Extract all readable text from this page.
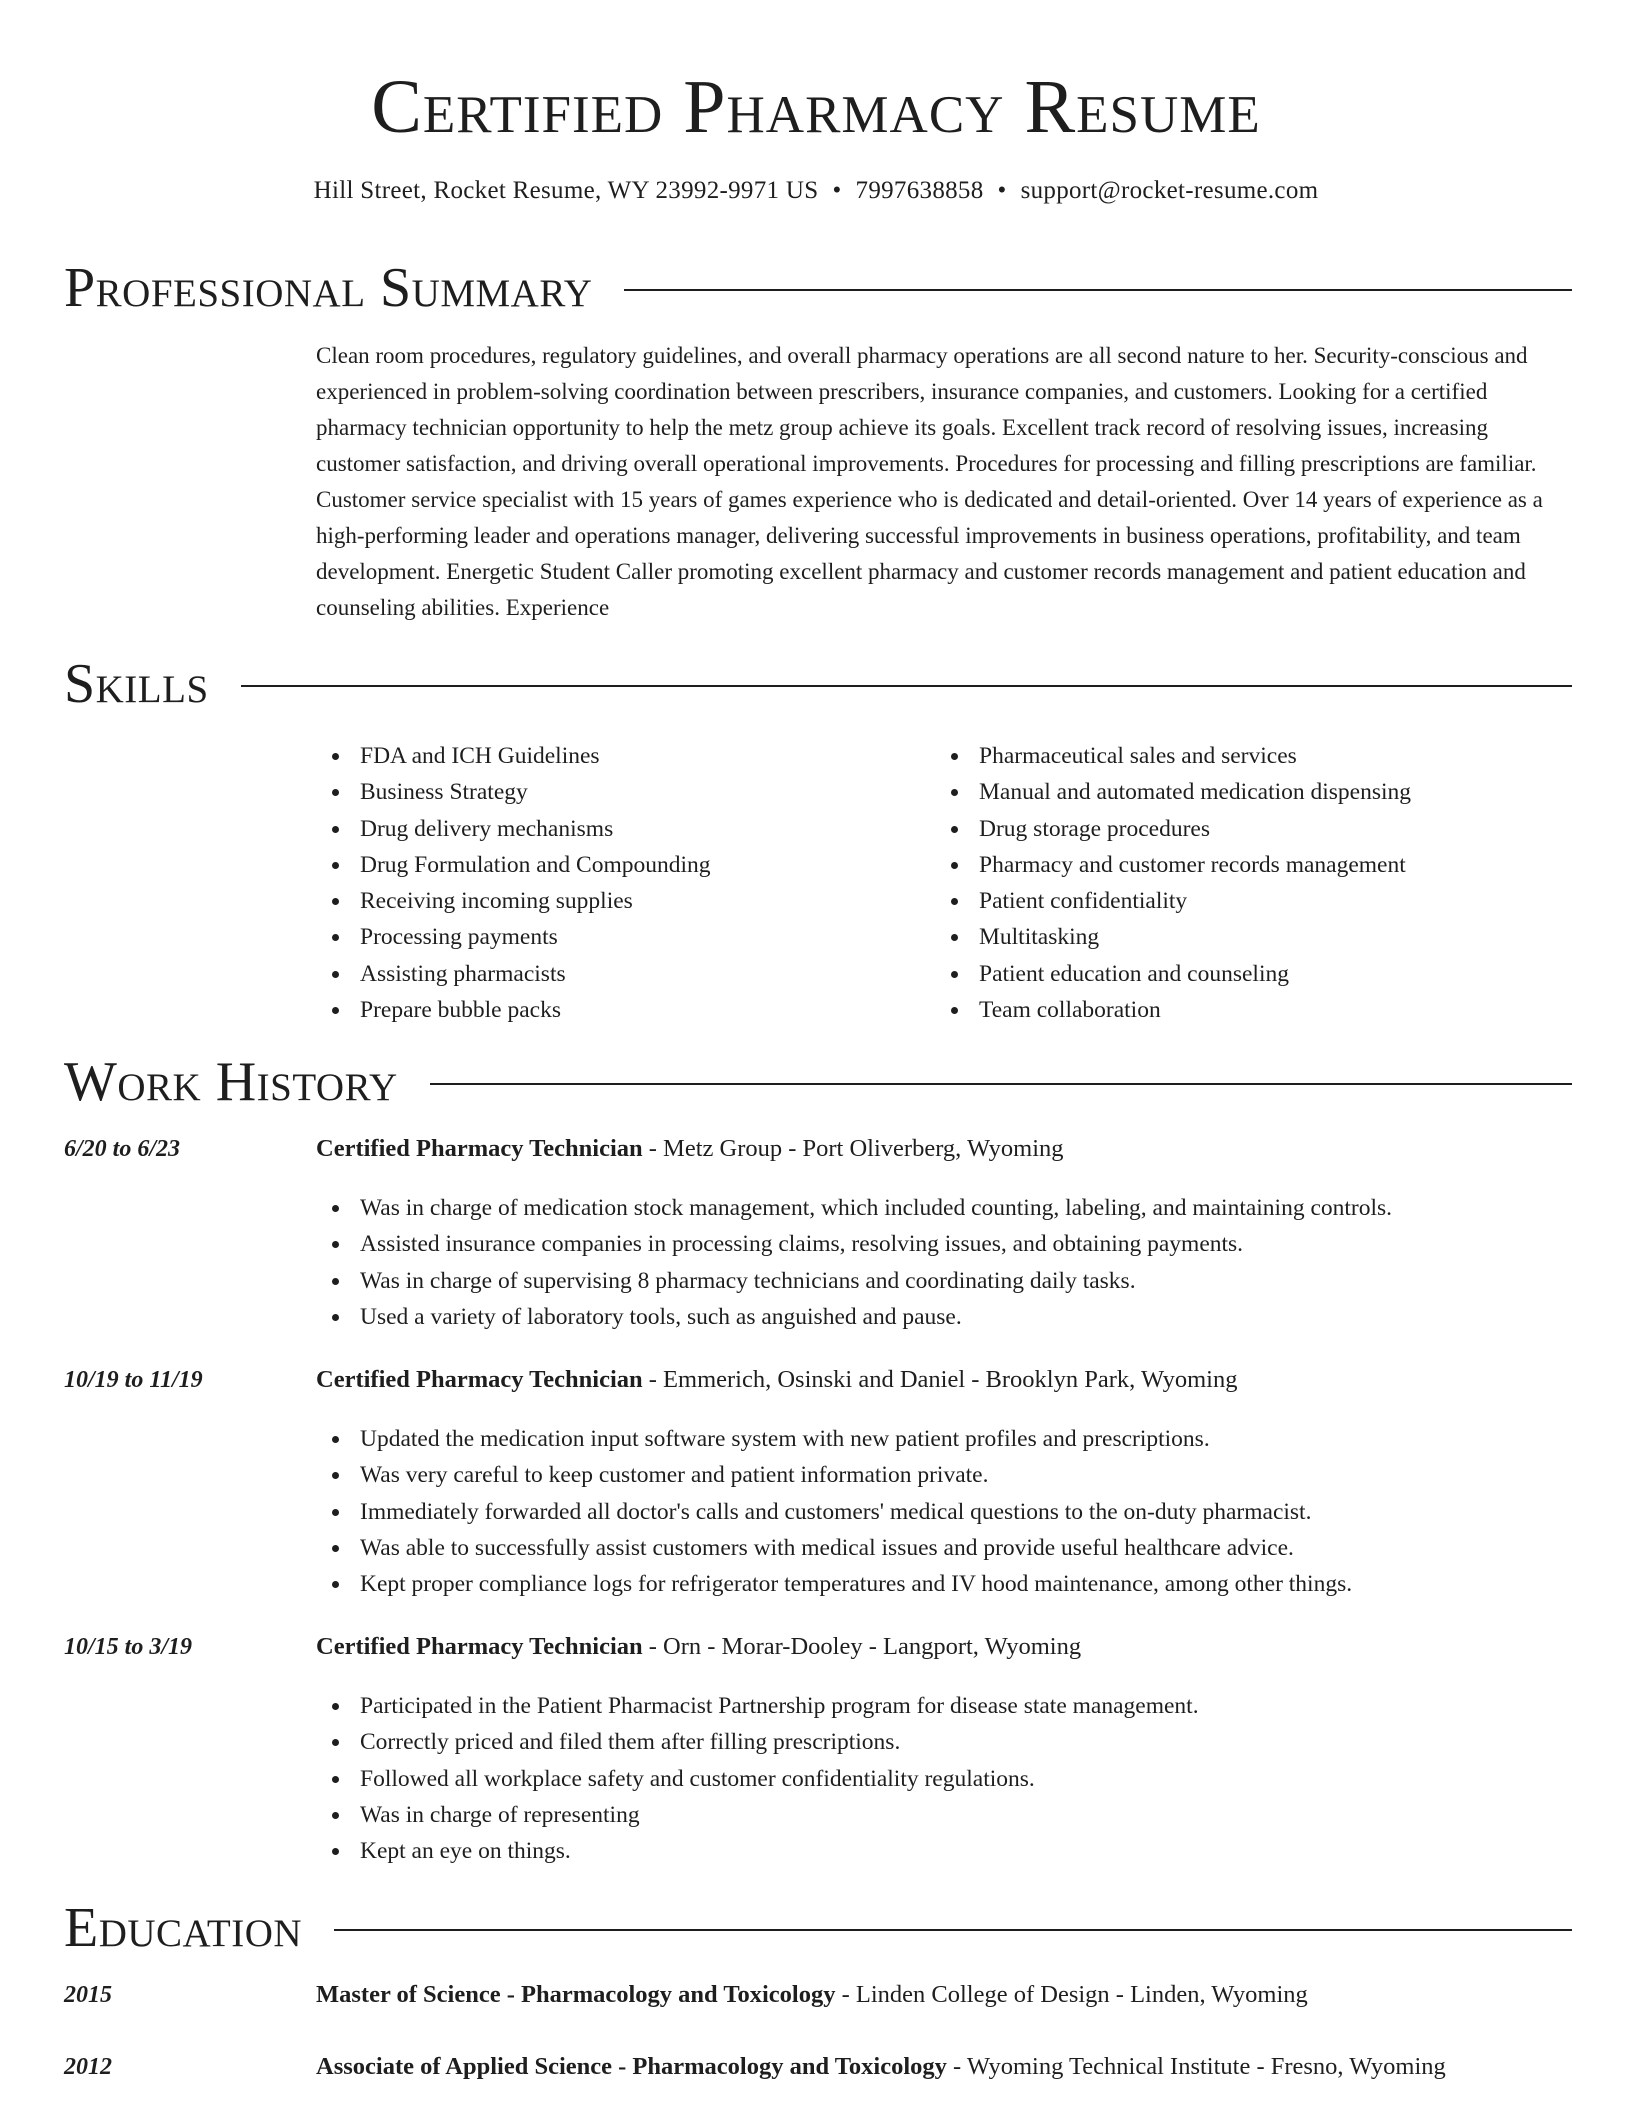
Certified Pharmacy Resume
Hill Street, Rocket Resume, WY 23992-9971 US • 7997638858 • support@rocket-resume.com
Professional Summary

Clean room procedures, regulatory guidelines, and overall pharmacy operations are all second nature to her. Security-conscious and experienced in problem-solving coordination between prescribers, insurance companies, and customers. Looking for a certified pharmacy technician opportunity to help the metz group achieve its goals. Excellent track record of resolving issues, increasing customer satisfaction, and driving overall operational improvements. Procedures for processing and filling prescriptions are familiar. Customer service specialist with 15 years of games experience who is dedicated and detail-oriented. Over 14 years of experience as a high-performing leader and operations manager, delivering successful improvements in business operations, profitability, and team development. Energetic Student Caller promoting excellent pharmacy and customer records management and patient education and counseling abilities. Experience

Skills
FDA and ICH Guidelines
Business Strategy
Drug delivery mechanisms
Drug Formulation and Compounding
Receiving incoming supplies
Processing payments
Assisting pharmacists
Prepare bubble packs
Pharmaceutical sales and services
Manual and automated medication dispensing
Drug storage procedures
Pharmacy and customer records management
Patient confidentiality
Multitasking
Patient education and counseling
Team collaboration
Work History
6/20 to 6/23	Certified Pharmacy Technician - Metz Group - Port Oliverberg, Wyoming
Was in charge of medication stock management, which included counting, labeling, and maintaining controls.
Assisted insurance companies in processing claims, resolving issues, and obtaining payments.
Was in charge of supervising 8 pharmacy technicians and coordinating daily tasks.
Used a variety of laboratory tools, such as anguished and pause.
10/19 to 11/19	Certified Pharmacy Technician - Emmerich, Osinski and Daniel - Brooklyn Park, Wyoming
Updated the medication input software system with new patient profiles and prescriptions.
Was very careful to keep customer and patient information private.
Immediately forwarded all doctor's calls and customers' medical questions to the on-duty pharmacist.
Was able to successfully assist customers with medical issues and provide useful healthcare advice.
Kept proper compliance logs for refrigerator temperatures and IV hood maintenance, among other things.
10/15 to 3/19	Certified Pharmacy Technician - Orn - Morar-Dooley - Langport, Wyoming
Participated in the Patient Pharmacist Partnership program for disease state management.
Correctly priced and filed them after filling prescriptions.
Followed all workplace safety and customer confidentiality regulations.
Was in charge of representing
Kept an eye on things.
Education
2015	Master of Science - Pharmacology and Toxicology - Linden College of Design - Linden, Wyoming
2012	Associate of Applied Science - Pharmacology and Toxicology - Wyoming Technical Institute - Fresno, Wyoming
